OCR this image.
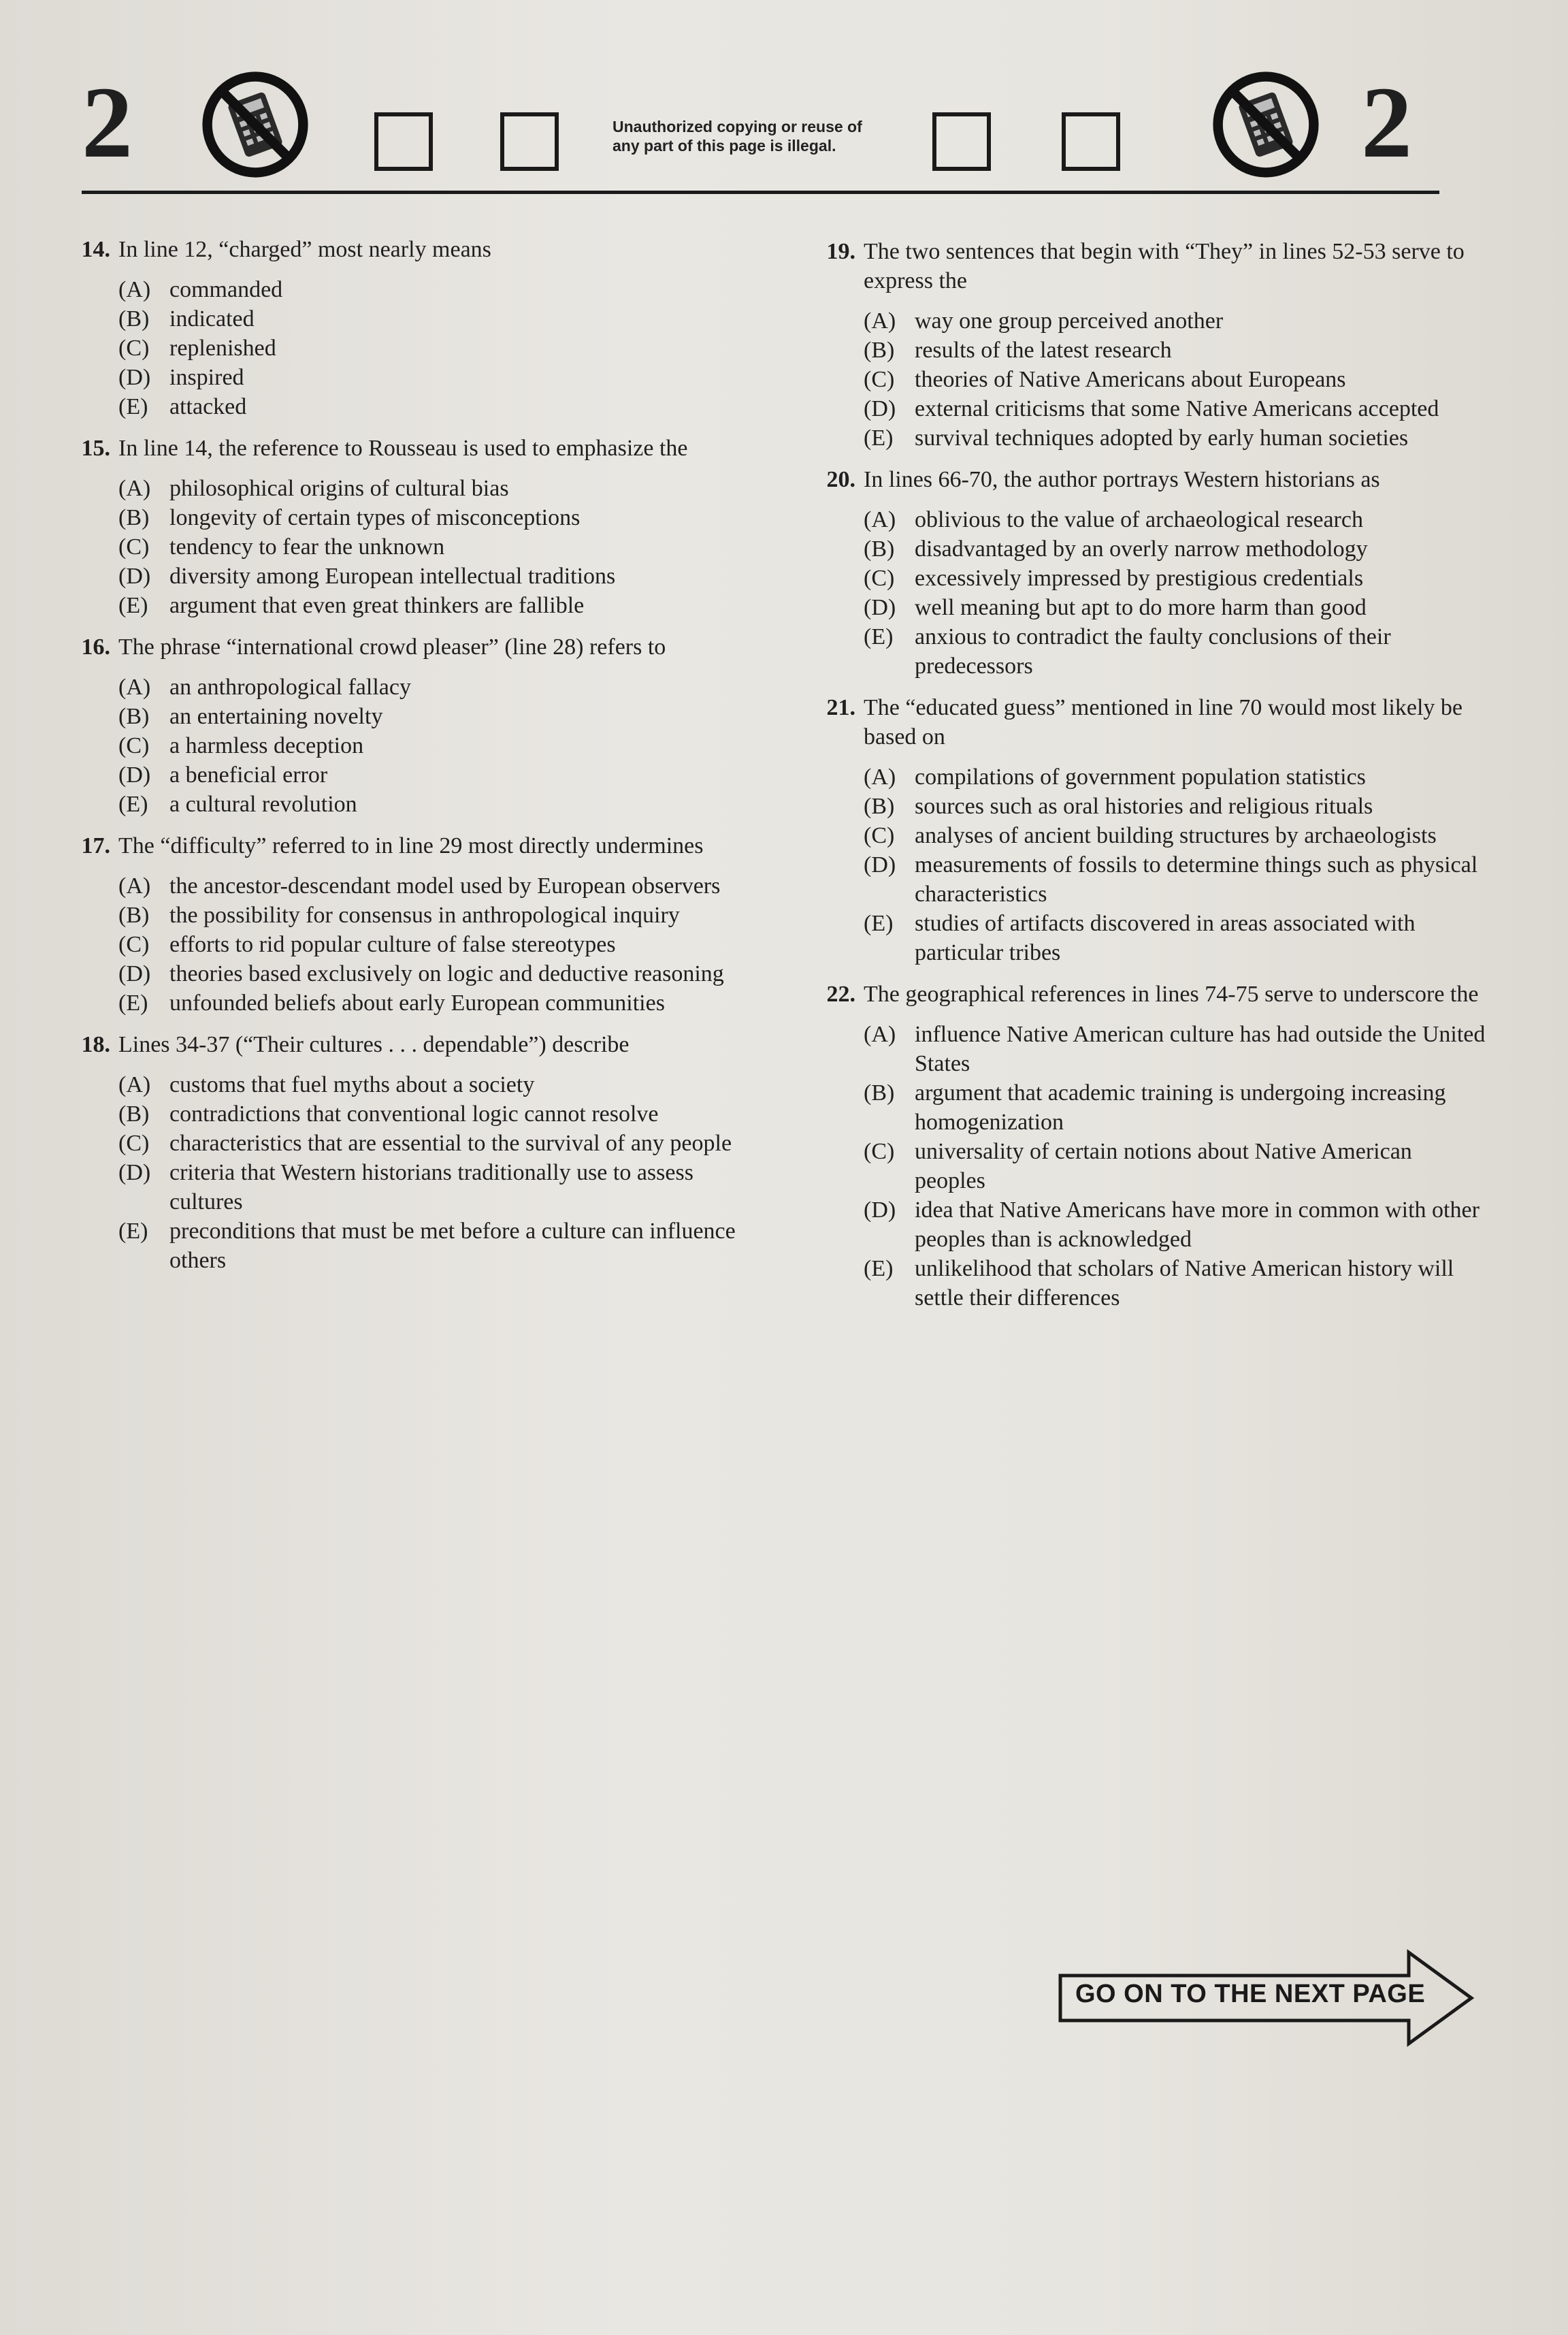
2	Unauthorized copying or reuse of any part of this page is illegal.	2
14. In line 12, “charged” most nearly means
(A) commanded
(B) indicated
(C) replenished
(D) inspired
(E) attacked
15. In line 14, the reference to Rousseau is used to emphasize the
(A) philosophical origins of cultural bias
(B) longevity of certain types of misconceptions
(C) tendency to fear the unknown
(D) diversity among European intellectual traditions
(E) argument that even great thinkers are fallible
16. The phrase “international crowd pleaser” (line 28) refers to
(A) an anthropological fallacy
(B) an entertaining novelty
(C) a harmless deception
(D) a beneficial error
(E) a cultural revolution
17. The “difficulty” referred to in line 29 most directly undermines
(A) the ancestor-descendant model used by European observers
(B) the possibility for consensus in anthropological inquiry
(C) efforts to rid popular culture of false stereotypes
(D) theories based exclusively on logic and deductive reasoning
(E) unfounded beliefs about early European communities
18. Lines 34-37 (“Their cultures . . . dependable”) describe
(A) customs that fuel myths about a society
(B) contradictions that conventional logic cannot resolve
(C) characteristics that are essential to the survival of any people
(D) criteria that Western historians traditionally use to assess cultures
(E) preconditions that must be met before a culture can influence others
19. The two sentences that begin with “They” in lines 52-53 serve to express the
(A) way one group perceived another
(B) results of the latest research
(C) theories of Native Americans about Europeans
(D) external criticisms that some Native Americans accepted
(E) survival techniques adopted by early human societies
20. In lines 66-70, the author portrays Western historians as
(A) oblivious to the value of archaeological research
(B) disadvantaged by an overly narrow methodology
(C) excessively impressed by prestigious credentials
(D) well meaning but apt to do more harm than good
(E) anxious to contradict the faulty conclusions of their predecessors
21. The “educated guess” mentioned in line 70 would most likely be based on
(A) compilations of government population statistics
(B) sources such as oral histories and religious rituals
(C) analyses of ancient building structures by archaeologists
(D) measurements of fossils to determine things such as physical characteristics
(E) studies of artifacts discovered in areas associated with particular tribes
22. The geographical references in lines 74-75 serve to underscore the
(A) influence Native American culture has had outside the United States
(B) argument that academic training is undergoing increasing homogenization
(C) universality of certain notions about Native American peoples
(D) idea that Native Americans have more in common with other peoples than is acknowledged
(E) unlikelihood that scholars of Native American history will settle their differences
GO ON TO THE NEXT PAGE
